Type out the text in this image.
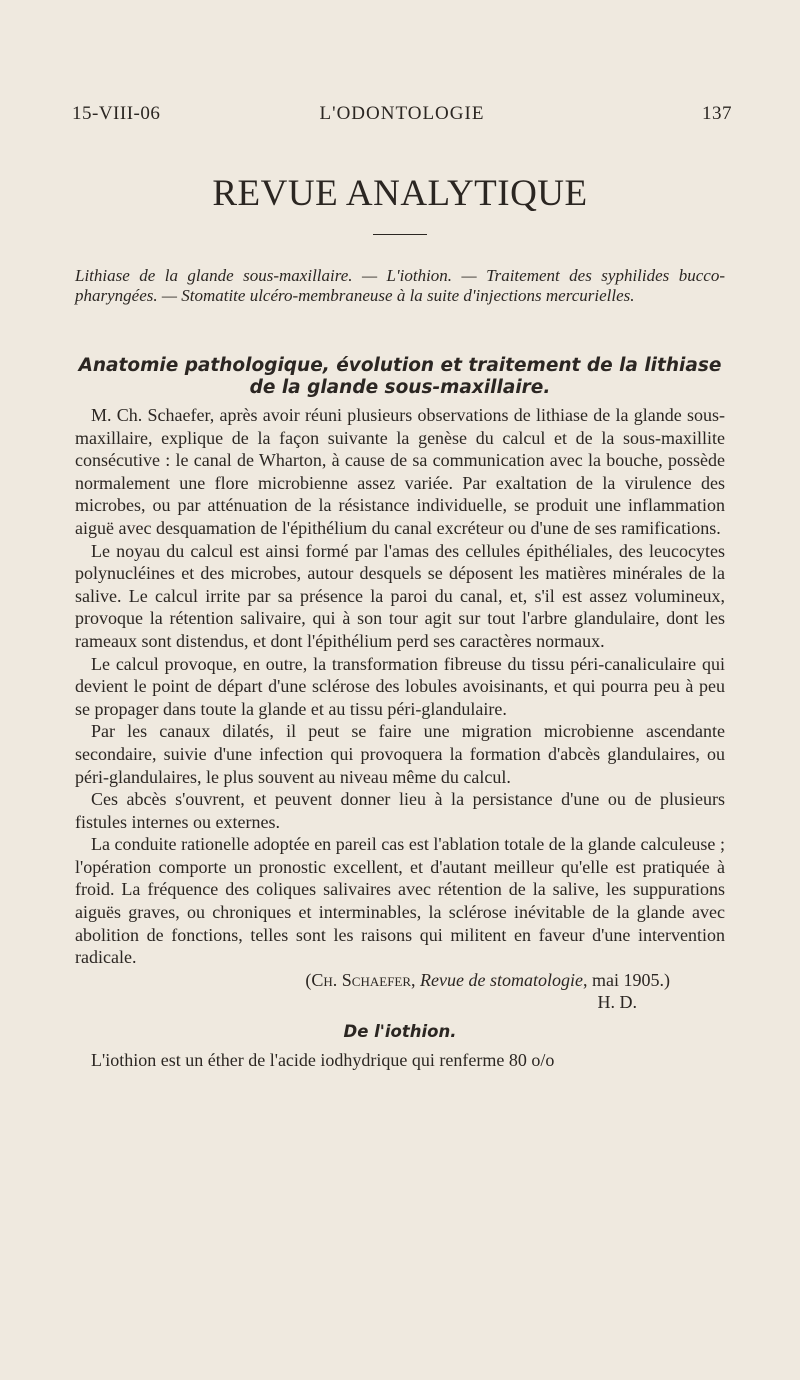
15-VIII-06	L'ODONTOLOGIE	137
REVUE ANALYTIQUE
Lithiase de la glande sous-maxillaire. — L'iothion. — Traitement des syphilides bucco-pharyngées. — Stomatite ulcéro-membraneuse à la suite d'injections mercurielles.
Anatomie pathologique, évolution et traitement de la lithiase de la glande sous-maxillaire.

M. Ch. Schaefer, après avoir réuni plusieurs observations de lithiase de la glande sous-maxillaire, explique de la façon suivante la genèse du calcul et de la sous-maxillite consécutive : le canal de Wharton, à cause de sa communication avec la bouche, possède normalement une flore microbienne assez variée. Par exaltation de la virulence des microbes, ou par atténuation de la résistance individuelle, se produit une inflammation aiguë avec desquamation de l'épithélium du canal excréteur ou d'une de ses ramifications.

Le noyau du calcul est ainsi formé par l'amas des cellules épithéliales, des leucocytes polynucléines et des microbes, autour desquels se déposent les matières minérales de la salive. Le calcul irrite par sa présence la paroi du canal, et, s'il est assez volumineux, provoque la rétention salivaire, qui à son tour agit sur tout l'arbre glandulaire, dont les rameaux sont distendus, et dont l'épithélium perd ses caractères normaux.

Le calcul provoque, en outre, la transformation fibreuse du tissu péri-canaliculaire qui devient le point de départ d'une sclérose des lobules avoisinants, et qui pourra peu à peu se propager dans toute la glande et au tissu péri-glandulaire.

Par les canaux dilatés, il peut se faire une migration microbienne ascendante secondaire, suivie d'une infection qui provoquera la formation d'abcès glandulaires, ou péri-glandulaires, le plus souvent au niveau même du calcul.

Ces abcès s'ouvrent, et peuvent donner lieu à la persistance d'une ou de plusieurs fistules internes ou externes.

La conduite rationelle adoptée en pareil cas est l'ablation totale de la glande calculeuse ; l'opération comporte un pronostic excellent, et d'autant meilleur qu'elle est pratiquée à froid. La fréquence des coliques salivaires avec rétention de la salive, les suppurations aiguës graves, ou chroniques et interminables, la sclérose inévitable de la glande avec abolition de fonctions, telles sont les raisons qui militent en faveur d'une intervention radicale.

(Ch. Schaefer, Revue de stomatologie, mai 1905.)

H. D.

De l'iothion.

L'iothion est un éther de l'acide iodhydrique qui renferme 80 o/o
